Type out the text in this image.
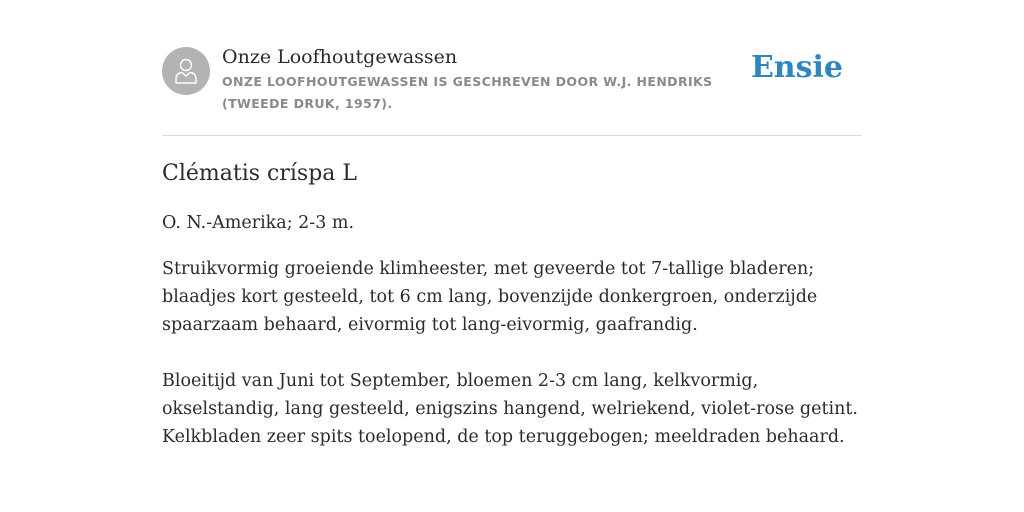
Onze Loofhoutgewassen
ONZE LOOFHOUTGEWASSEN IS GESCHREVEN DOOR W.J. HENDRIKS (TWEEDE DRUK, 1957).
Ensie
Clématis críspa L

O. N.-Amerika; 2-3 m.

Struikvormig groeiende klimheester, met geveerde tot 7-tallige bladeren; blaadjes kort gesteeld, tot 6 cm lang, bovenzijde donkergroen, onderzijde spaarzaam behaard, eivormig tot lang-eivormig, gaafrandig.

Bloeitijd van Juni tot September, bloemen 2-3 cm lang, kelkvormig, okselstandig, lang gesteeld, enigszins hangend, welriekend, violet-rose getint. Kelkbladen zeer spits toelopend, de top teruggebogen; meeldraden behaard.
